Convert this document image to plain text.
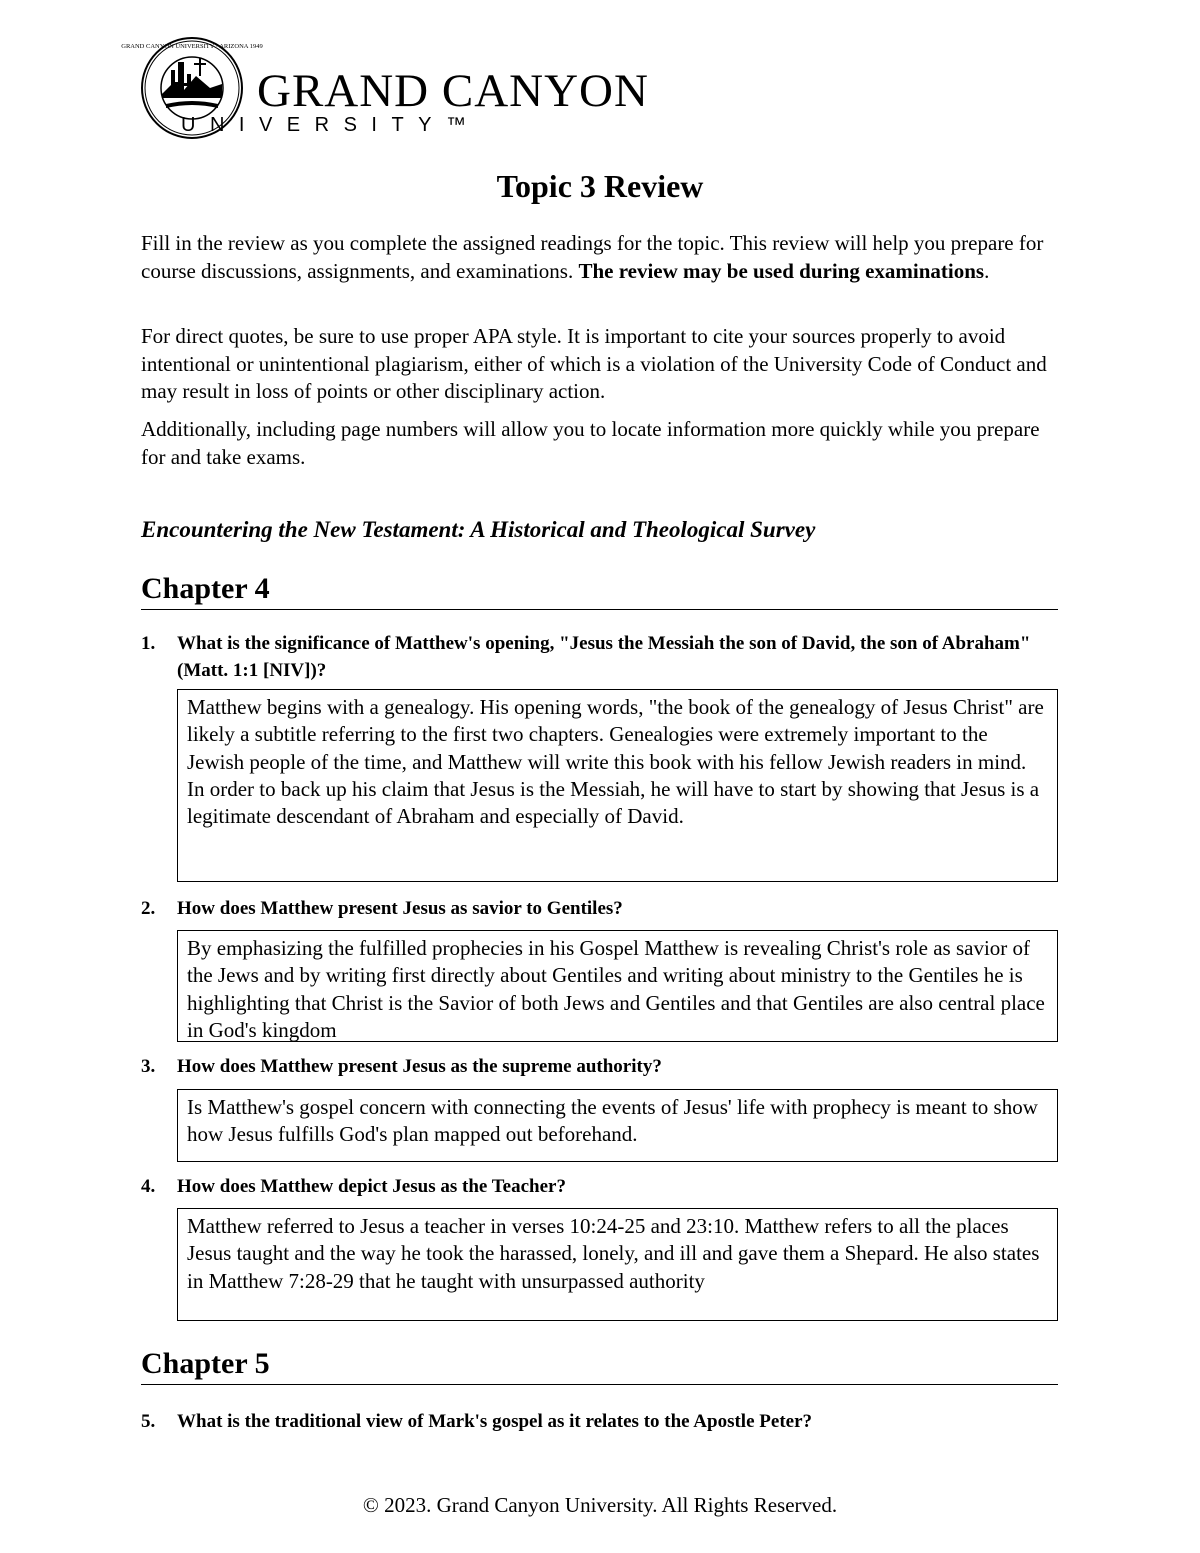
GRAND CANYON UNIVERSITY · ARIZONA 1949
GRAND CANYON
UNIVERSITY™
Topic 3 Review

Fill in the review as you complete the assigned readings for the topic. This review will help you prepare for course discussions, assignments, and examinations. The review may be used during examinations.

For direct quotes, be sure to use proper APA style. It is important to cite your sources properly to avoid intentional or unintentional plagiarism, either of which is a violation of the University Code of Conduct and may result in loss of points or other disciplinary action.

Additionally, including page numbers will allow you to locate information more quickly while you prepare for and take exams.

Encountering the New Testament: A Historical and Theological Survey
Chapter 4
1. What is the significance of Matthew's opening, "Jesus the Messiah the son of David, the son of Abraham" (Matt. 1:1 [NIV])?

Matthew begins with a genealogy. His opening words, "the book of the genealogy of Jesus Christ" are likely a subtitle referring to the first two chapters. Genealogies were extremely important to the Jewish people of the time, and Matthew will write this book with his fellow Jewish readers in mind. In order to back up his claim that Jesus is the Messiah, he will have to start by showing that Jesus is a legitimate descendant of Abraham and especially of David.
2. How does Matthew present Jesus as savior to Gentiles?

By emphasizing the fulfilled prophecies in his Gospel Matthew is revealing Christ's role as savior of the Jews and by writing first directly about Gentiles and writing about ministry to the Gentiles he is highlighting that Christ is the Savior of both Jews and Gentiles and that Gentiles are also central place in God's kingdom
3. How does Matthew present Jesus as the supreme authority?

Is Matthew's gospel concern with connecting the events of Jesus' life with prophecy is meant to show how Jesus fulfills God's plan mapped out beforehand.
4. How does Matthew depict Jesus as the Teacher?

Matthew referred to Jesus a teacher in verses 10:24-25 and 23:10. Matthew refers to all the places Jesus taught and the way he took the harassed, lonely, and ill and gave them a Shepard. He also states in Matthew 7:28-29 that he taught with unsurpassed authority
Chapter 5
5. What is the traditional view of Mark's gospel as it relates to the Apostle Peter?

© 2023. Grand Canyon University. All Rights Reserved.
